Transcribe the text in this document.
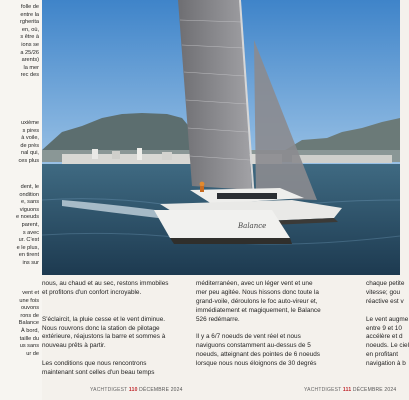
folle de
entre la
rgherita
en, où,
s être à
ions se
a 25/26
arents)
la mer
rec des
uxième
s pires
à voile,
de près
nal qui,
ces plus
dent, le
ondition
e, sans
viguons
e noeuds
parent,
s avec
ur. C'est
e le plus,
en tirent
ins sur
vent et
une fois
ouvons
rons de
Balance
À bord,
taille du
us sans
ur de
Balance
nous, au chaud et au sec, restons immobiles
et profitons d'un confort incroyable.

S'éclaircit, la pluie cesse et le vent diminue.
Nous rouvrons donc la station de pilotage
extérieure, réajustons la barre et sommes à
nouveau prêts à partir.

Les conditions que nous rencontrons
maintenant sont celles d'un beau temps
méditerranéen, avec un léger vent et une
mer peu agitée. Nous hissons donc toute la
grand-voile, déroulons le foc auto-vireur et,
immédiatement et magiquement, le Balance
526 redémarre.

Il y a 6/7 noeuds de vent réel et nous
naviguons constamment au-dessus de 5
noeuds, atteignant des pointes de 6 noeuds
lorsque nous nous éloignons de 30 degrés
chaque petite
vitesse; gou
réactive est v

Le vent augme
entre 9 et 10
accélère et d
noeuds. Le ciel
en profitant
navigation à b
YACHTDIGEST 110 DÉCEMBRE 2024	YACHTDIGEST 111 DÉCEMBRE 2024
